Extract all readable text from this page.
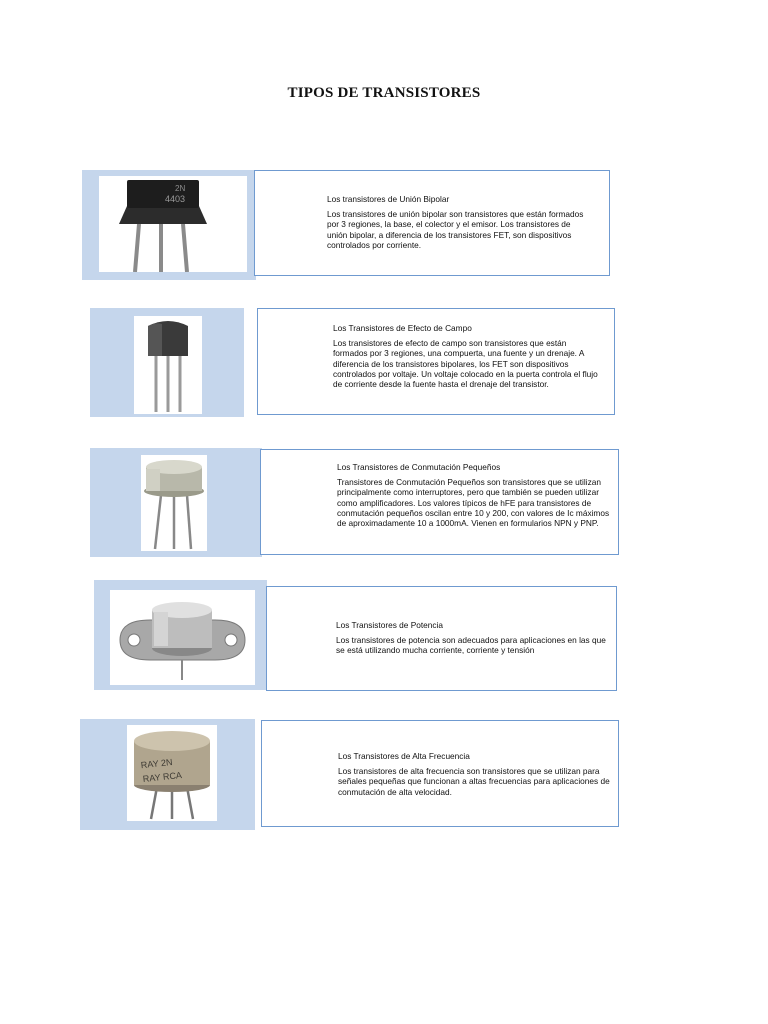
TIPOS DE TRANSISTORES
2N
4403	Los transistores de Unión Bipolar

Los transistores de unión bipolar son transistores que están formados por 3 regiones, la base, el colector y el emisor. Los transistores de unión bipolar, a diferencia de los transistores FET, son dispositivos controlados por corriente.

Los Transistores de Efecto de Campo

Los transistores de efecto de campo son transistores que están formados por 3 regiones, una compuerta, una fuente y un drenaje. A diferencia de los transistores bipolares, los FET son dispositivos controlados por voltaje. Un voltaje colocado en la puerta controla el flujo de corriente desde la fuente hasta el drenaje del transistor.

Los Transistores de Conmutación Pequeños

Transistores de Conmutación Pequeños son transistores que se utilizan principalmente como interruptores, pero que también se pueden utilizar como amplificadores. Los valores típicos de hFE para transistores de conmutación pequeños oscilan entre 10 y 200, con valores de Ic máximos de aproximadamente 10 a 1000mA. Vienen en formularios NPN y PNP.

Los Transistores de Potencia

Los transistores de potencia son adecuados para aplicaciones en las que se está utilizando mucha corriente, corriente y tensión

RAY 2N
RAY RCA
Los Transistores de Alta Frecuencia

Los transistores de alta frecuencia son transistores que se utilizan para señales pequeñas que funcionan a altas frecuencias para aplicaciones de conmutación de alta velocidad.
